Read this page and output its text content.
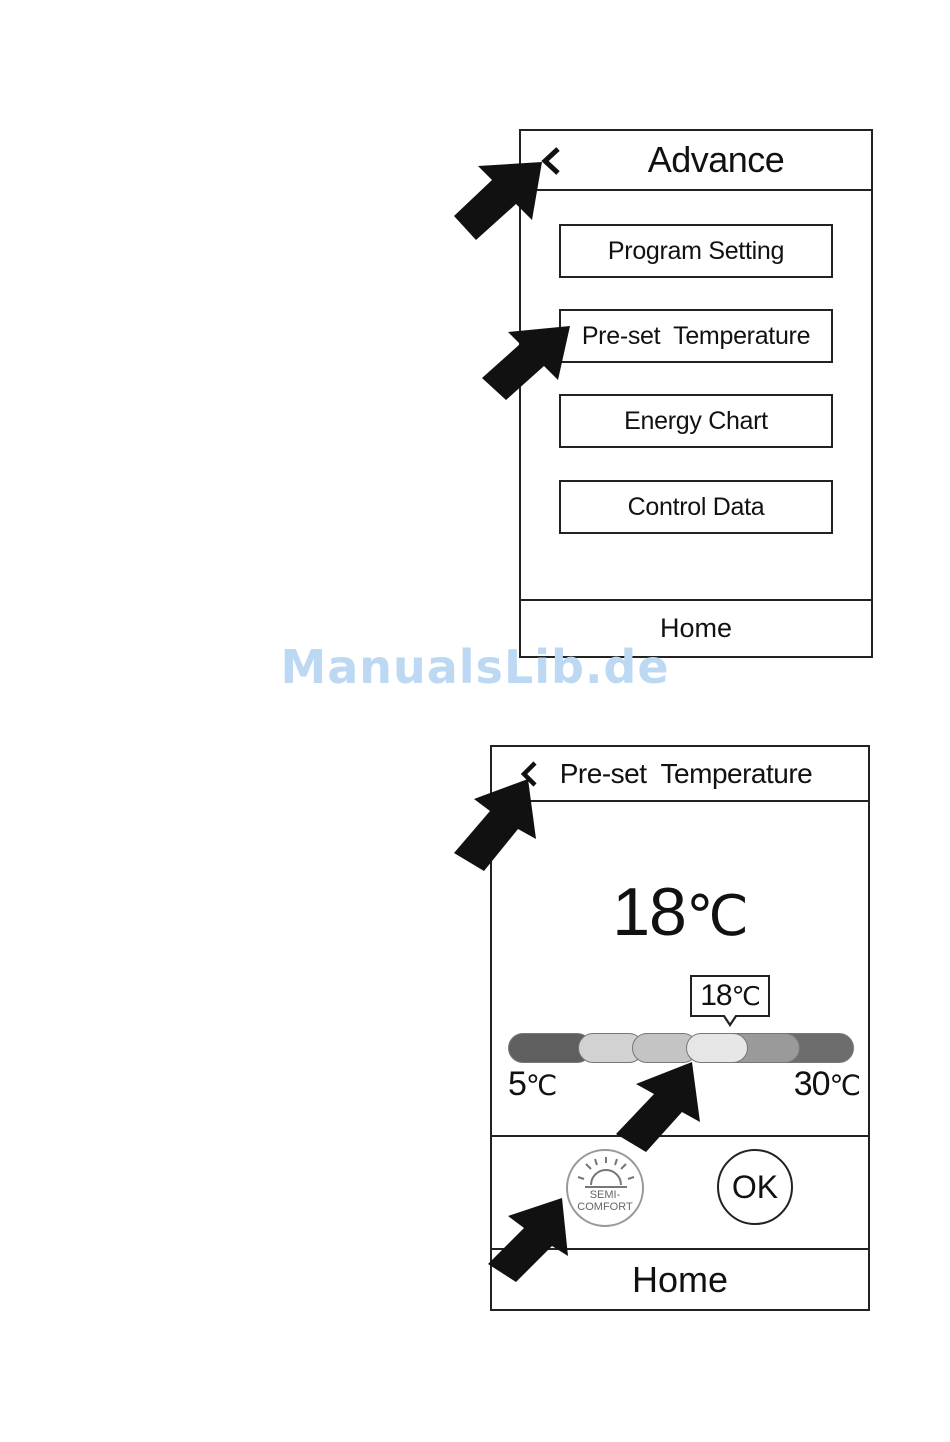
Advance
Program Setting
Pre-set  Temperature
Energy Chart
Control Data
Home
ManualsLib.de
Pre-set  Temperature
18℃
18 ℃
5℃	30℃
SEMI-
COMFORT
OK
Home
